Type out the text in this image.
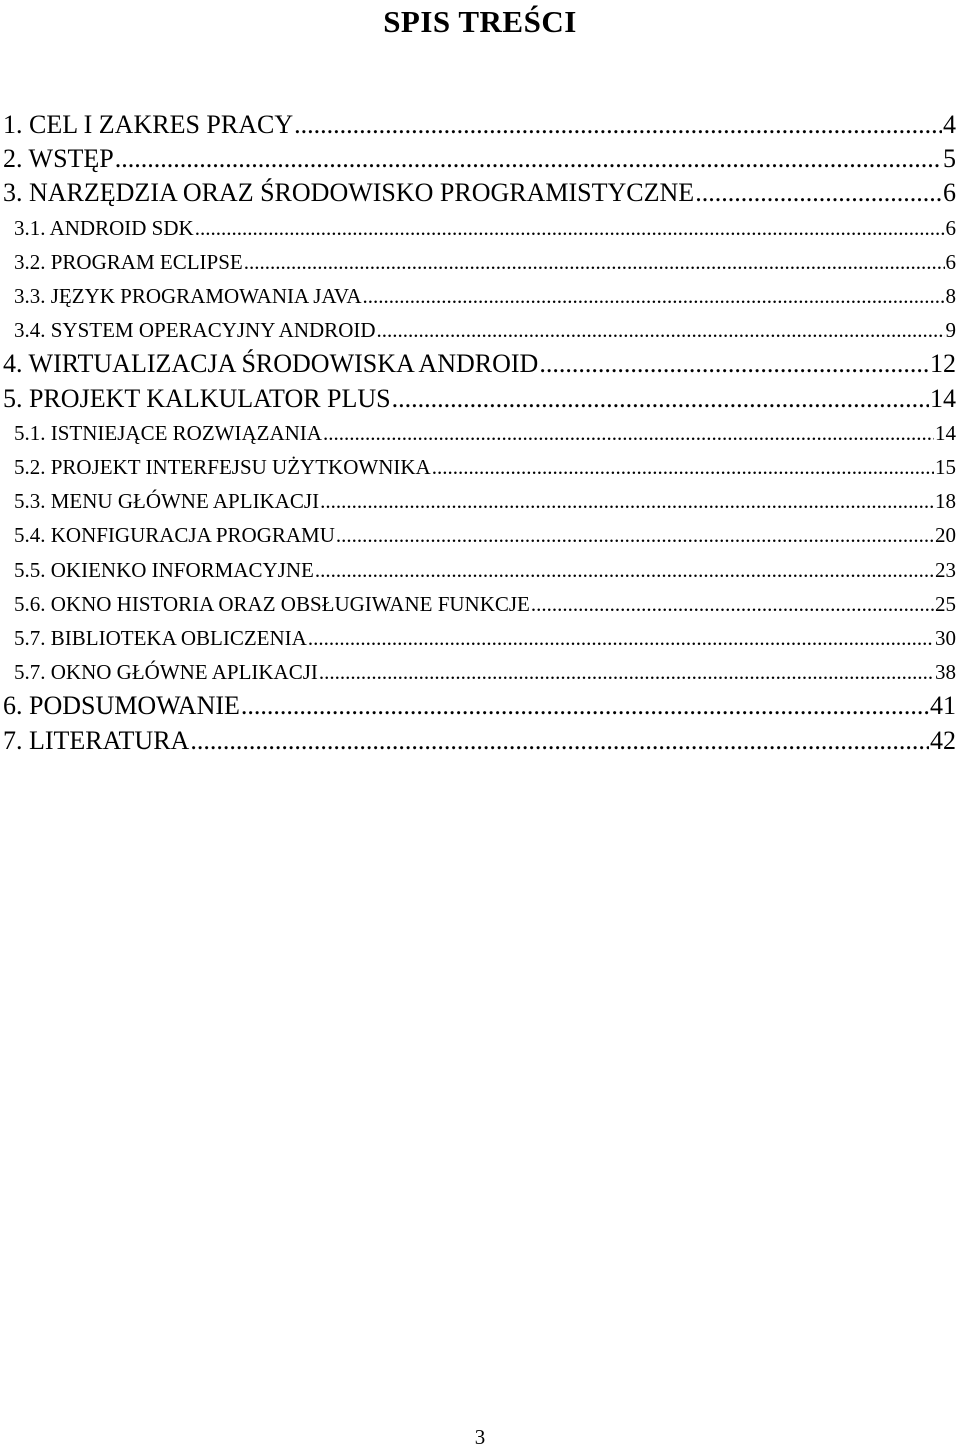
SPIS TREŚCI
1. CEL I ZAKRES PRACY .....	4
2. WSTĘP .....	5
3. NARZĘDZIA ORAZ ŚRODOWISKO PROGRAMISTYCZNE .....	6
3.1. ANDROID SDK .....	6
3.2. PROGRAM ECLIPSE .....	6
3.3. JĘZYK PROGRAMOWANIA JAVA .....	8
3.4. SYSTEM OPERACYJNY ANDROID .....	9
4. WIRTUALIZACJA ŚRODOWISKA ANDROID .....	12
5. PROJEKT KALKULATOR PLUS .....	14
5.1. ISTNIEJĄCE ROZWIĄZANIA .....	14
5.2. PROJEKT INTERFEJSU UŻYTKOWNIKA .....	15
5.3. MENU GŁÓWNE APLIKACJI .....	18
5.4. KONFIGURACJA PROGRAMU .....	20
5.5. OKIENKO INFORMACYJNE .....	23
5.6. OKNO HISTORIA ORAZ OBSŁUGIWANE FUNKCJE .....	25
5.7. BIBLIOTEKA OBLICZENIA .....	30
5.7. OKNO GŁÓWNE APLIKACJI .....	38
6. PODSUMOWANIE .....	41
7. LITERATURA .....	42
3
